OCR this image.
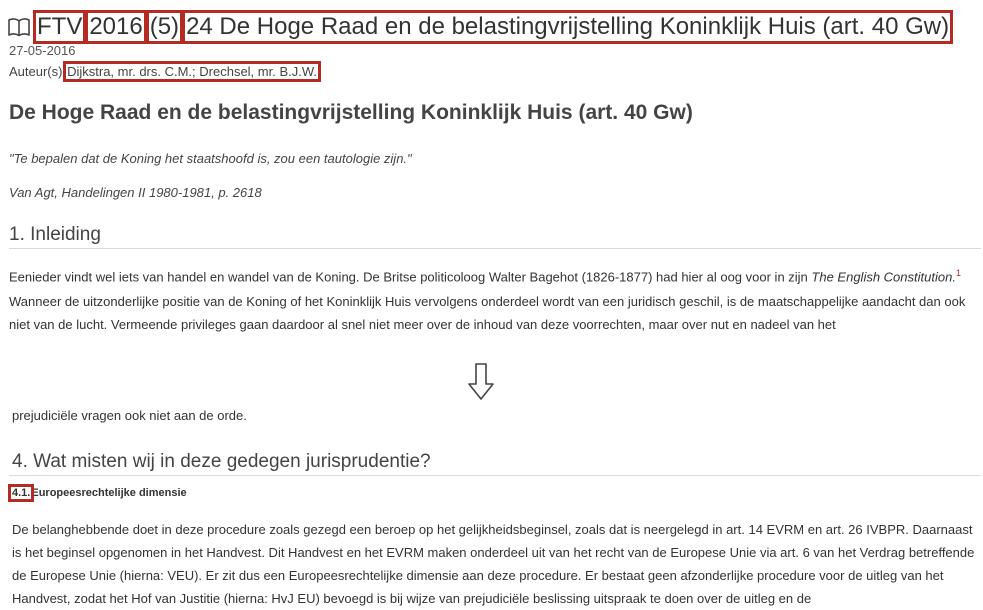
FTV 2016 (5) 24 De Hoge Raad en de belastingvrijstelling Koninklijk Huis (art. 40 Gw)
27-05-2016
Auteur(s) Dijkstra, mr. drs. C.M.; Drechsel, mr. B.J.W.
De Hoge Raad en de belastingvrijstelling Koninklijk Huis (art. 40 Gw)
"Te bepalen dat de Koning het staatshoofd is, zou een tautologie zijn."
Van Agt, Handelingen II 1980-1981, p. 2618
1. Inleiding
Eenieder vindt wel iets van handel en wandel van de Koning. De Britse politicoloog Walter Bagehot (1826-1877) had hier al oog voor in zijn The English Constitution.$^1$
Wanneer de uitzonderlijke positie van de Koning of het Koninklijk Huis vervolgens onderdeel wordt van een juridisch geschil, is de maatschappelijke aandacht dan ook niet van de lucht. Vermeende privileges gaan daardoor al snel niet meer over de inhoud van deze voorrechten, maar over nut en nadeel van het
prejudiciële vragen ook niet aan de orde.
4. Wat misten wij in deze gedegen jurisprudentie?
4.1.Europeesrechtelijke dimensie
De belanghebbende doet in deze procedure zoals gezegd een beroep op het gelijkheidsbeginsel, zoals dat is neergelegd in art. 14 EVRM en art. 26 IVBPR. Daarnaast is het beginsel opgenomen in het Handvest. Dit Handvest en het EVRM maken onderdeel uit van het recht van de Europese Unie via art. 6 van het Verdrag betreffende de Europese Unie (hierna: VEU). Er zit dus een Europeesrechtelijke dimensie aan deze procedure. Er bestaat geen afzonderlijke procedure voor de uitleg van het Handvest, zodat het Hof van Justitie (hierna: HvJ EU) bevoegd is bij wijze van prejudiciële beslissing uitspraak te doen over de uitleg en de
